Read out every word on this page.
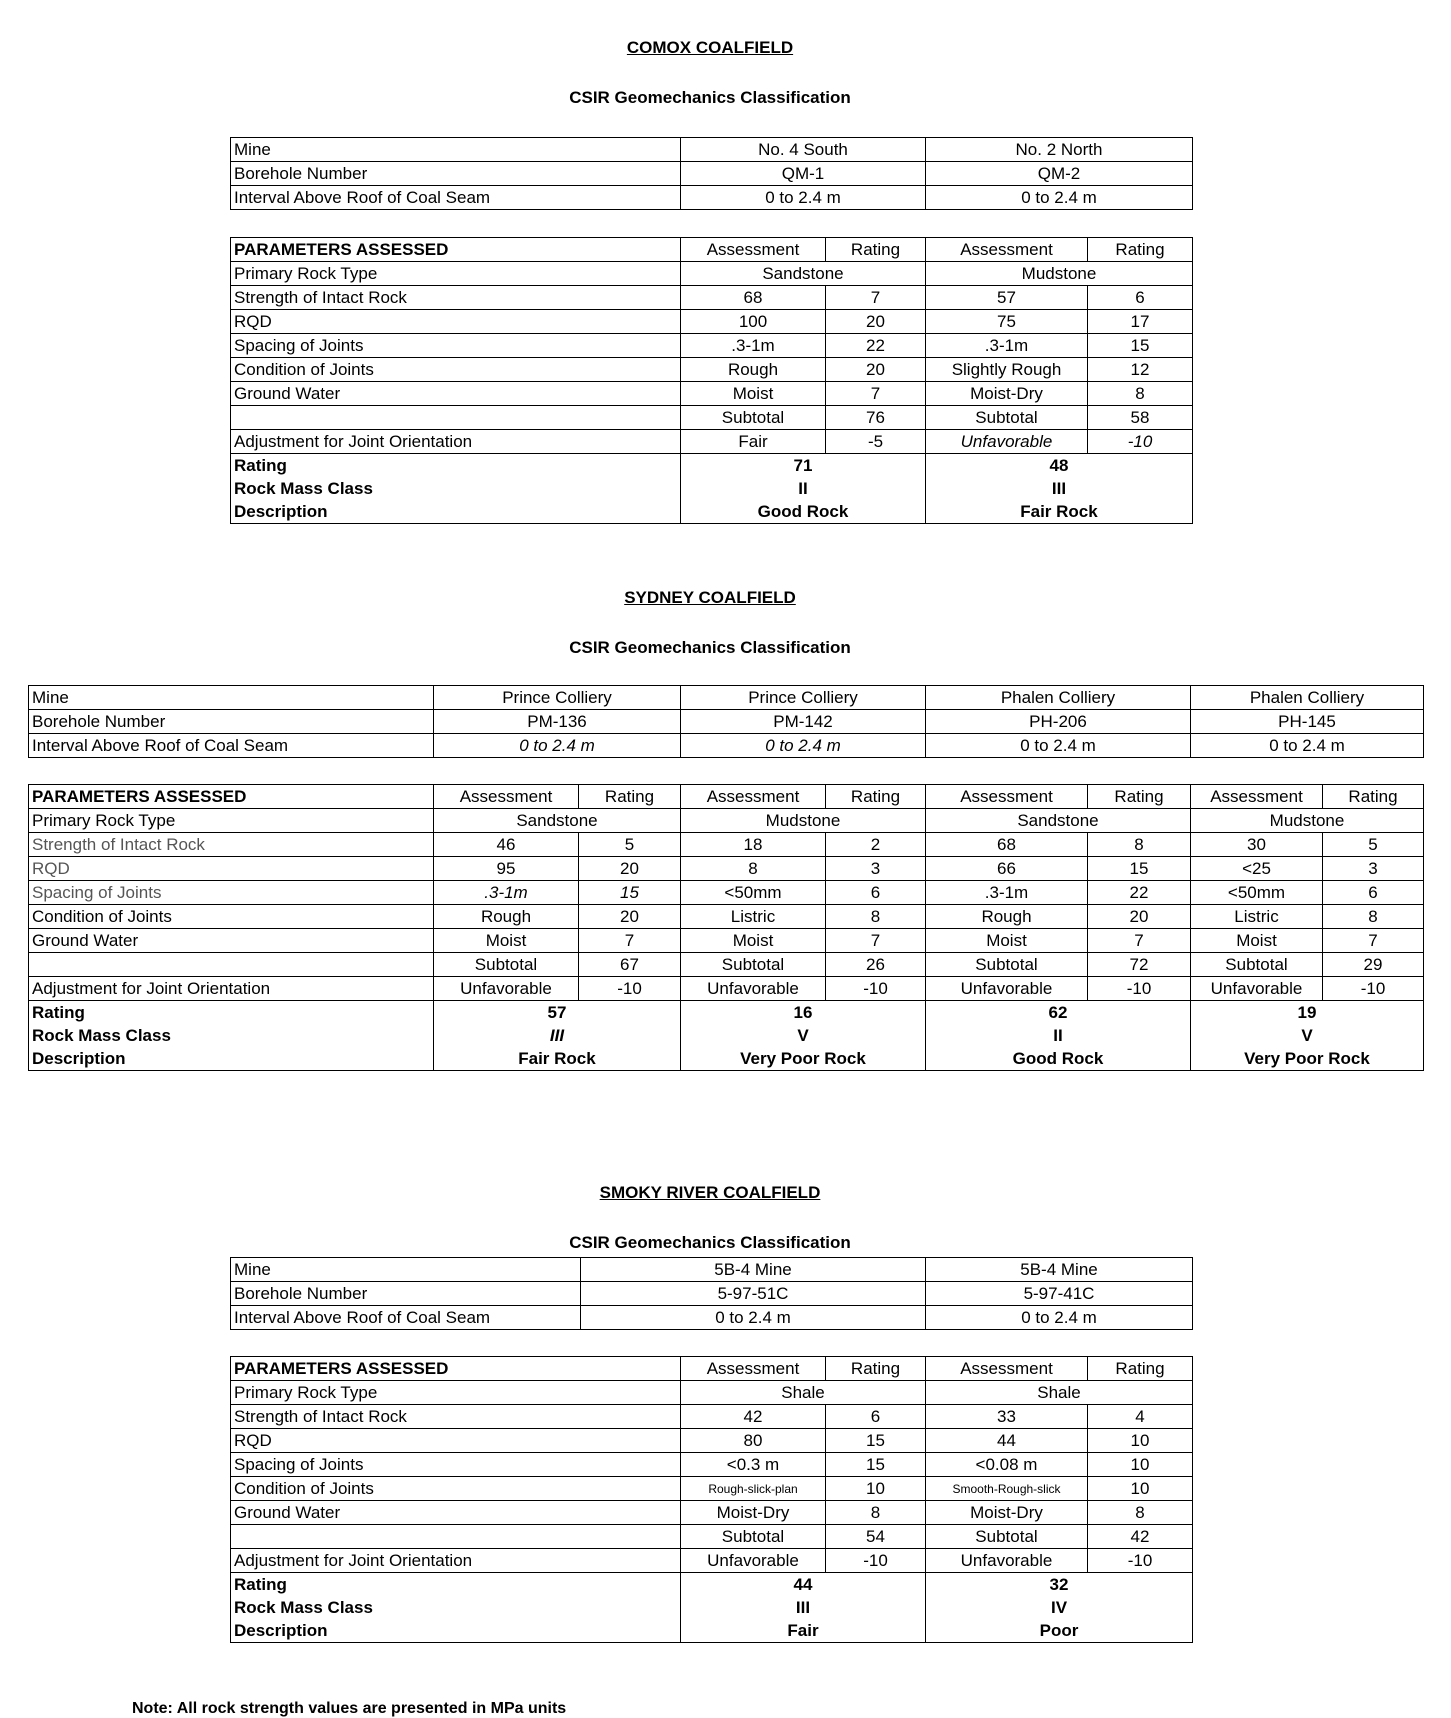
COMOX COALFIELD
CSIR Geomechanics Classification
Mine	No. 4 South	No. 2 North
Borehole Number	QM-1	QM-2
Interval Above Roof of Coal Seam	0 to 2.4 m	0 to 2.4 m
PARAMETERS ASSESSED	Assessment	Rating	Assessment	Rating
Primary Rock Type	Sandstone		Mudstone	
Strength of Intact Rock	68	7	57	6
RQD	100	20	75	17
Spacing of Joints	.3-1m	22	.3-1m	15
Condition of Joints	Rough	20	Slightly Rough	12
Ground Water	Moist	7	Moist-Dry	8
	Subtotal	76	Subtotal	58
Adjustment for Joint Orientation	Fair	-5	Unfavorable	-10
Rating	71		48	
Rock Mass Class	II		III	
Description	Good Rock		Fair Rock	
SYDNEY COALFIELD
CSIR Geomechanics Classification
Mine	Prince Colliery	Prince Colliery	Phalen Colliery	Phalen Colliery
Borehole Number	PM-136	PM-142	PH-206	PH-145
Interval Above Roof of Coal Seam	0 to 2.4 m	0 to 2.4 m	0 to 2.4 m	0 to 2.4 m
PARAMETERS ASSESSED	Assessment	Rating	Assessment	Rating	Assessment	Rating	Assessment	Rating
Primary Rock Type	Sandstone		Mudstone		Sandstone		Mudstone	
Strength of Intact Rock	46	5	18	2	68	8	30	5
RQD	95	20	8	3	66	15	<25	3
Spacing of Joints	.3-1m	15	<50mm	6	.3-1m	22	<50mm	6
Condition of Joints	Rough	20	Listric	8	Rough	20	Listric	8
Ground Water	Moist	7	Moist	7	Moist	7	Moist	7
	Subtotal	67	Subtotal	26	Subtotal	72	Subtotal	29
Adjustment for Joint Orientation	Unfavorable	-10	Unfavorable	-10	Unfavorable	-10	Unfavorable	-10
Rating	57		16		62		19	
Rock Mass Class	III		V		II		V	
Description	Fair Rock		Very Poor Rock		Good Rock		Very Poor Rock	
SMOKY RIVER COALFIELD
CSIR Geomechanics Classification
Mine	5B-4 Mine	5B-4 Mine
Borehole Number	5-97-51C	5-97-41C
Interval Above Roof of Coal Seam	0 to 2.4 m	0 to 2.4 m
PARAMETERS ASSESSED	Assessment	Rating	Assessment	Rating
Primary Rock Type	Shale		Shale	
Strength of Intact Rock	42	6	33	4
RQD	80	15	44	10
Spacing of Joints	<0.3 m	15	<0.08 m	10
Condition of Joints	Rough-slick-plan	10	Smooth-Rough-slick	10
Ground Water	Moist-Dry	8	Moist-Dry	8
	Subtotal	54	Subtotal	42
Adjustment for Joint Orientation	Unfavorable	-10	Unfavorable	-10
Rating	44		32	
Rock Mass Class	III		IV	
Description	Fair		Poor	
Note: All rock strength values are presented in MPa units
